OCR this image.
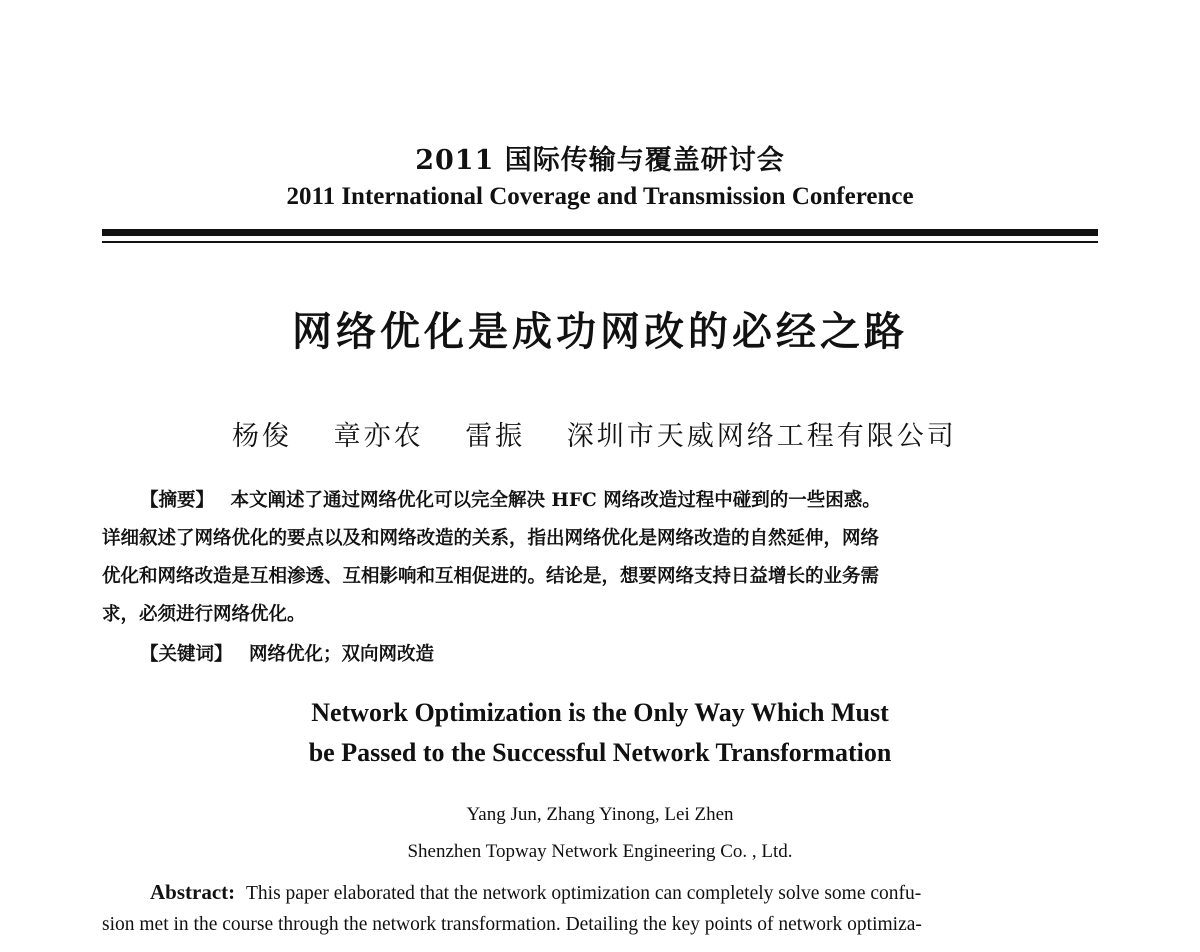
2011 国际传输与覆盖研讨会
2011 International Coverage and Transmission Conference
网络优化是成功网改的必经之路
杨俊 章亦农 雷振 深圳市天威网络工程有限公司
【摘要】 本文阐述了通过网络优化可以完全解决 HFC 网络改造过程中碰到的一些困惑。
详细叙述了网络优化的要点以及和网络改造的关系，指出网络优化是网络改造的自然延伸，网络
优化和网络改造是互相渗透、互相影响和互相促进的。结论是，想要网络支持日益增长的业务需
求，必须进行网络优化。
【关键词】 网络优化；双向网改造
Network Optimization is the Only Way Which Must
be Passed to the Successful Network Transformation
Yang Jun, Zhang Yinong, Lei Zhen
Shenzhen Topway Network Engineering Co. , Ltd.
Abstract: This paper elaborated that the network optimization can completely solve some confu-
sion met in the course through the network transformation. Detailing the key points of network optimiza-
